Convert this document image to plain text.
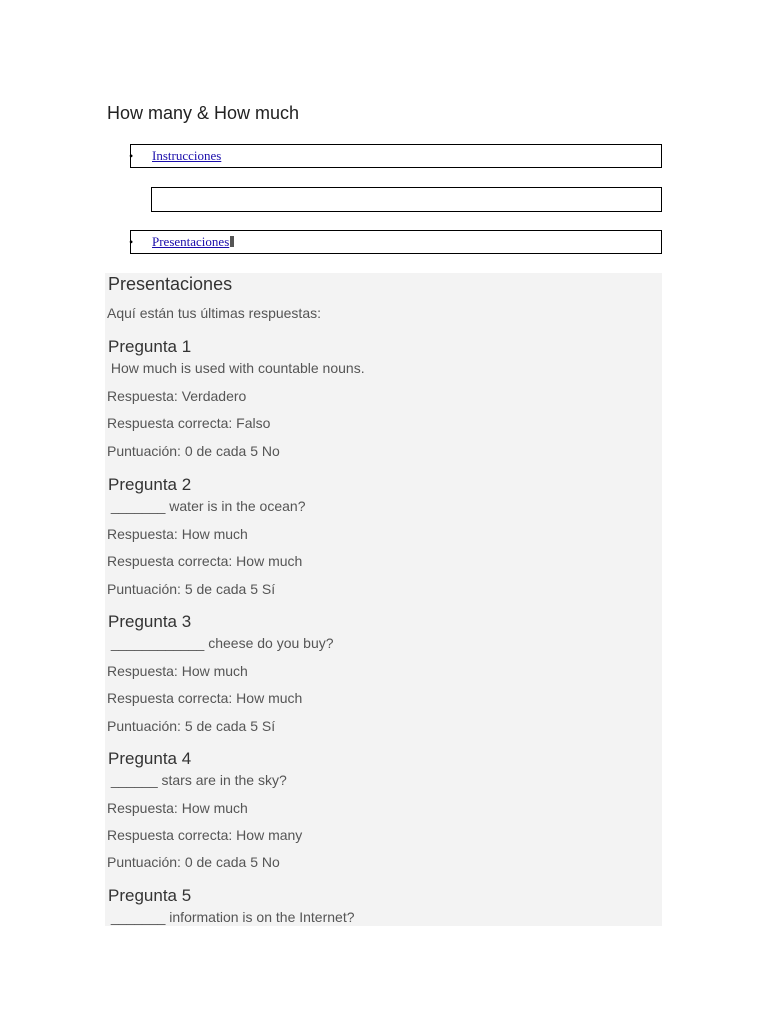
How many & How much
• Instrucciones
• Presentaciones
Presentaciones
Aquí están tus últimas respuestas:
Pregunta 1
How much is used with countable nouns.
Respuesta: Verdadero
Respuesta correcta: Falso
Puntuación: 0 de cada 5 No
Pregunta 2
_______ water is in the ocean?
Respuesta: How much
Respuesta correcta: How much
Puntuación: 5 de cada 5 Sí
Pregunta 3
____________ cheese do you buy?
Respuesta: How much
Respuesta correcta: How much
Puntuación: 5 de cada 5 Sí
Pregunta 4
______ stars are in the sky?
Respuesta: How much
Respuesta correcta: How many
Puntuación: 0 de cada 5 No
Pregunta 5
_______ information is on the Internet?
